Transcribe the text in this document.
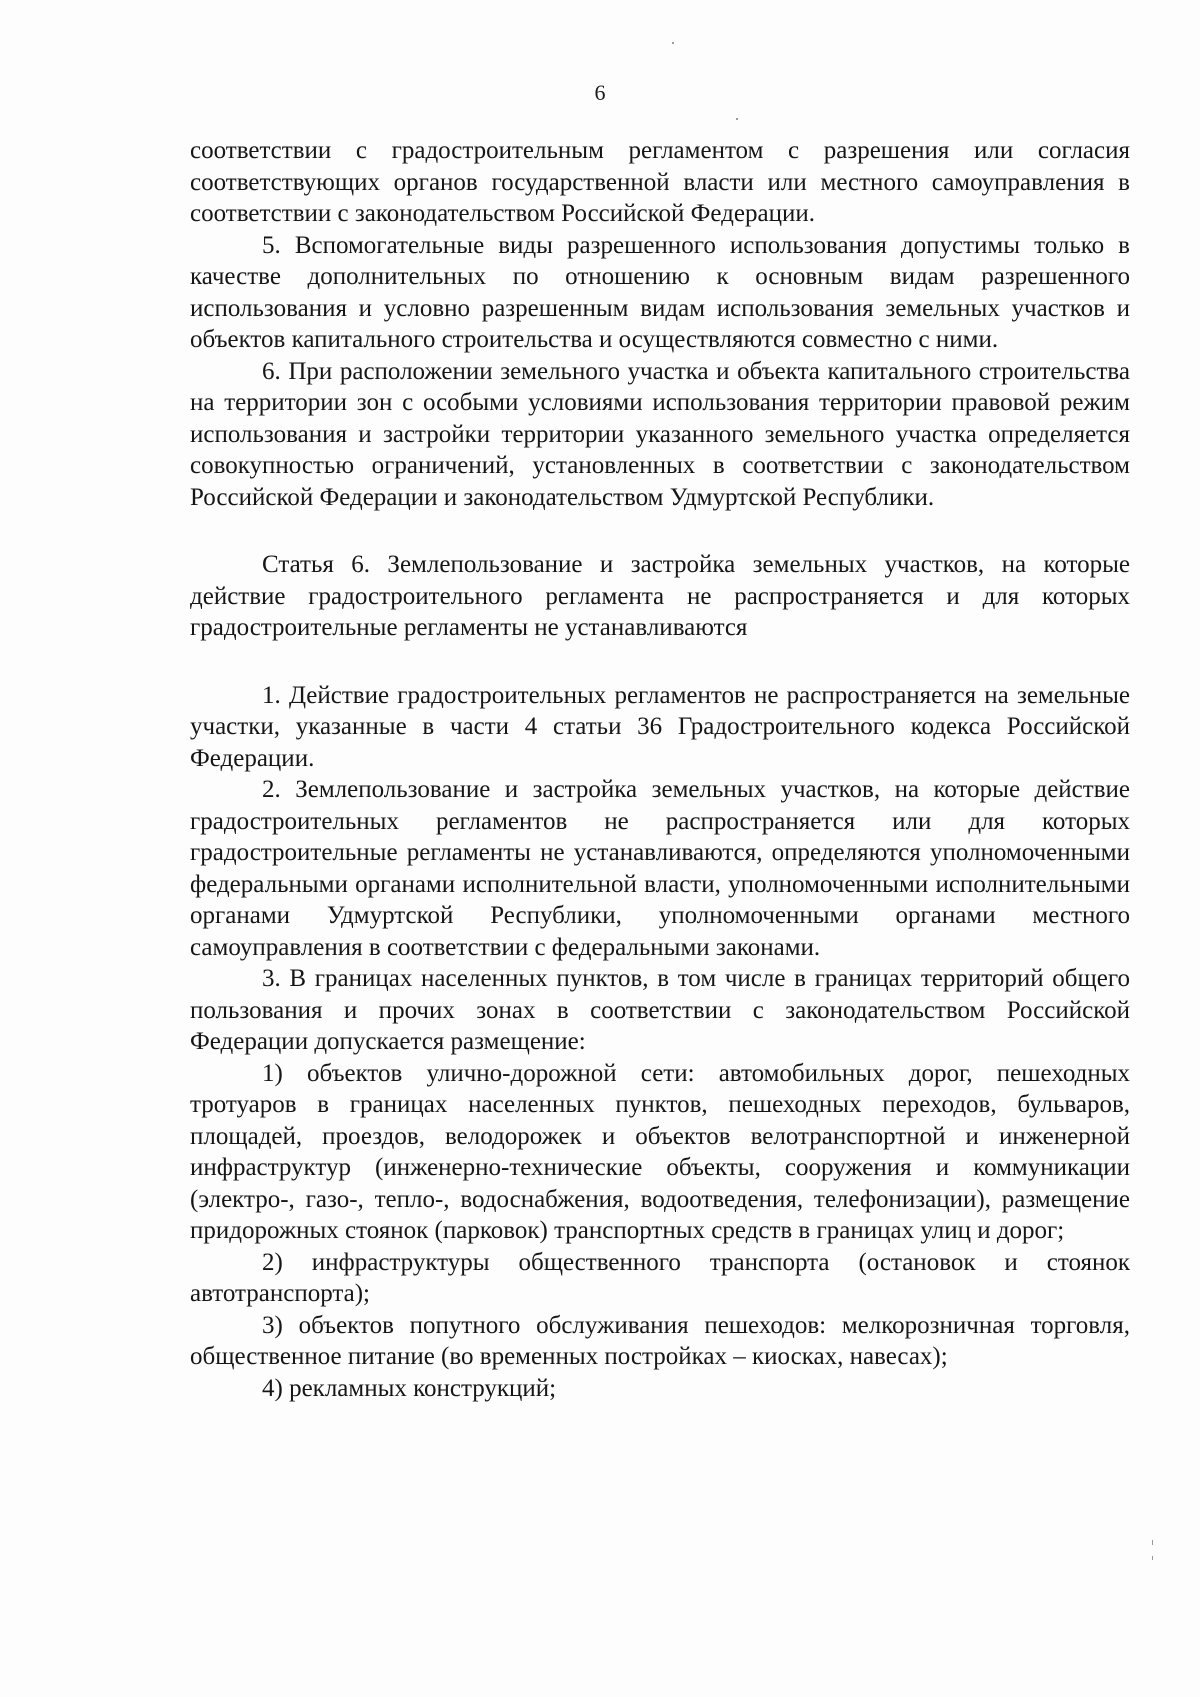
6

соответствии с градостроительным регламентом с разрешения или согласия соответствующих органов государственной власти или местного самоуправления в соответствии с законодательством Российской Федерации.

5. Вспомогательные виды разрешенного использования допустимы только в качестве дополнительных по отношению к основным видам разрешенного использования и условно разрешенным видам использования земельных участков и объектов капитального строительства и осуществляются совместно с ними.

6. При расположении земельного участка и объекта капитального строительства на территории зон с особыми условиями использования территории правовой режим использования и застройки территории указанного земельного участка определяется совокупностью ограничений, установленных в соответствии с законодательством Российской Федерации и законодательством Удмуртской Республики.

Статья 6. Землепользование и застройка земельных участков, на которые действие градостроительного регламента не распространяется и для которых градостроительные регламенты не устанавливаются

1. Действие градостроительных регламентов не распространяется на земельные участки, указанные в части 4 статьи 36 Градостроительного кодекса Российской Федерации.

2. Землепользование и застройка земельных участков, на которые действие градостроительных регламентов не распространяется или для которых градостроительные регламенты не устанавливаются, определяются уполномоченными федеральными органами исполнительной власти, уполномоченными исполнительными органами Удмуртской Республики, уполномоченными органами местного самоуправления в соответствии с федеральными законами.

3. В границах населенных пунктов, в том числе в границах территорий общего пользования и прочих зонах в соответствии с законодательством Российской Федерации допускается размещение:

1) объектов улично-дорожной сети: автомобильных дорог, пешеходных тротуаров в границах населенных пунктов, пешеходных переходов, бульваров, площадей, проездов, велодорожек и объектов велотранспортной и инженерной инфраструктур (инженерно-технические объекты, сооружения и коммуникации (электро-, газо-, тепло-, водоснабжения, водоотведения, телефонизации), размещение придорожных стоянок (парковок) транспортных средств в границах улиц и дорог;

2) инфраструктуры общественного транспорта (остановок и стоянок автотранспорта);

3) объектов попутного обслуживания пешеходов: мелкорозничная торговля, общественное питание (во временных постройках – киосках, навесах);

4) рекламных конструкций;
